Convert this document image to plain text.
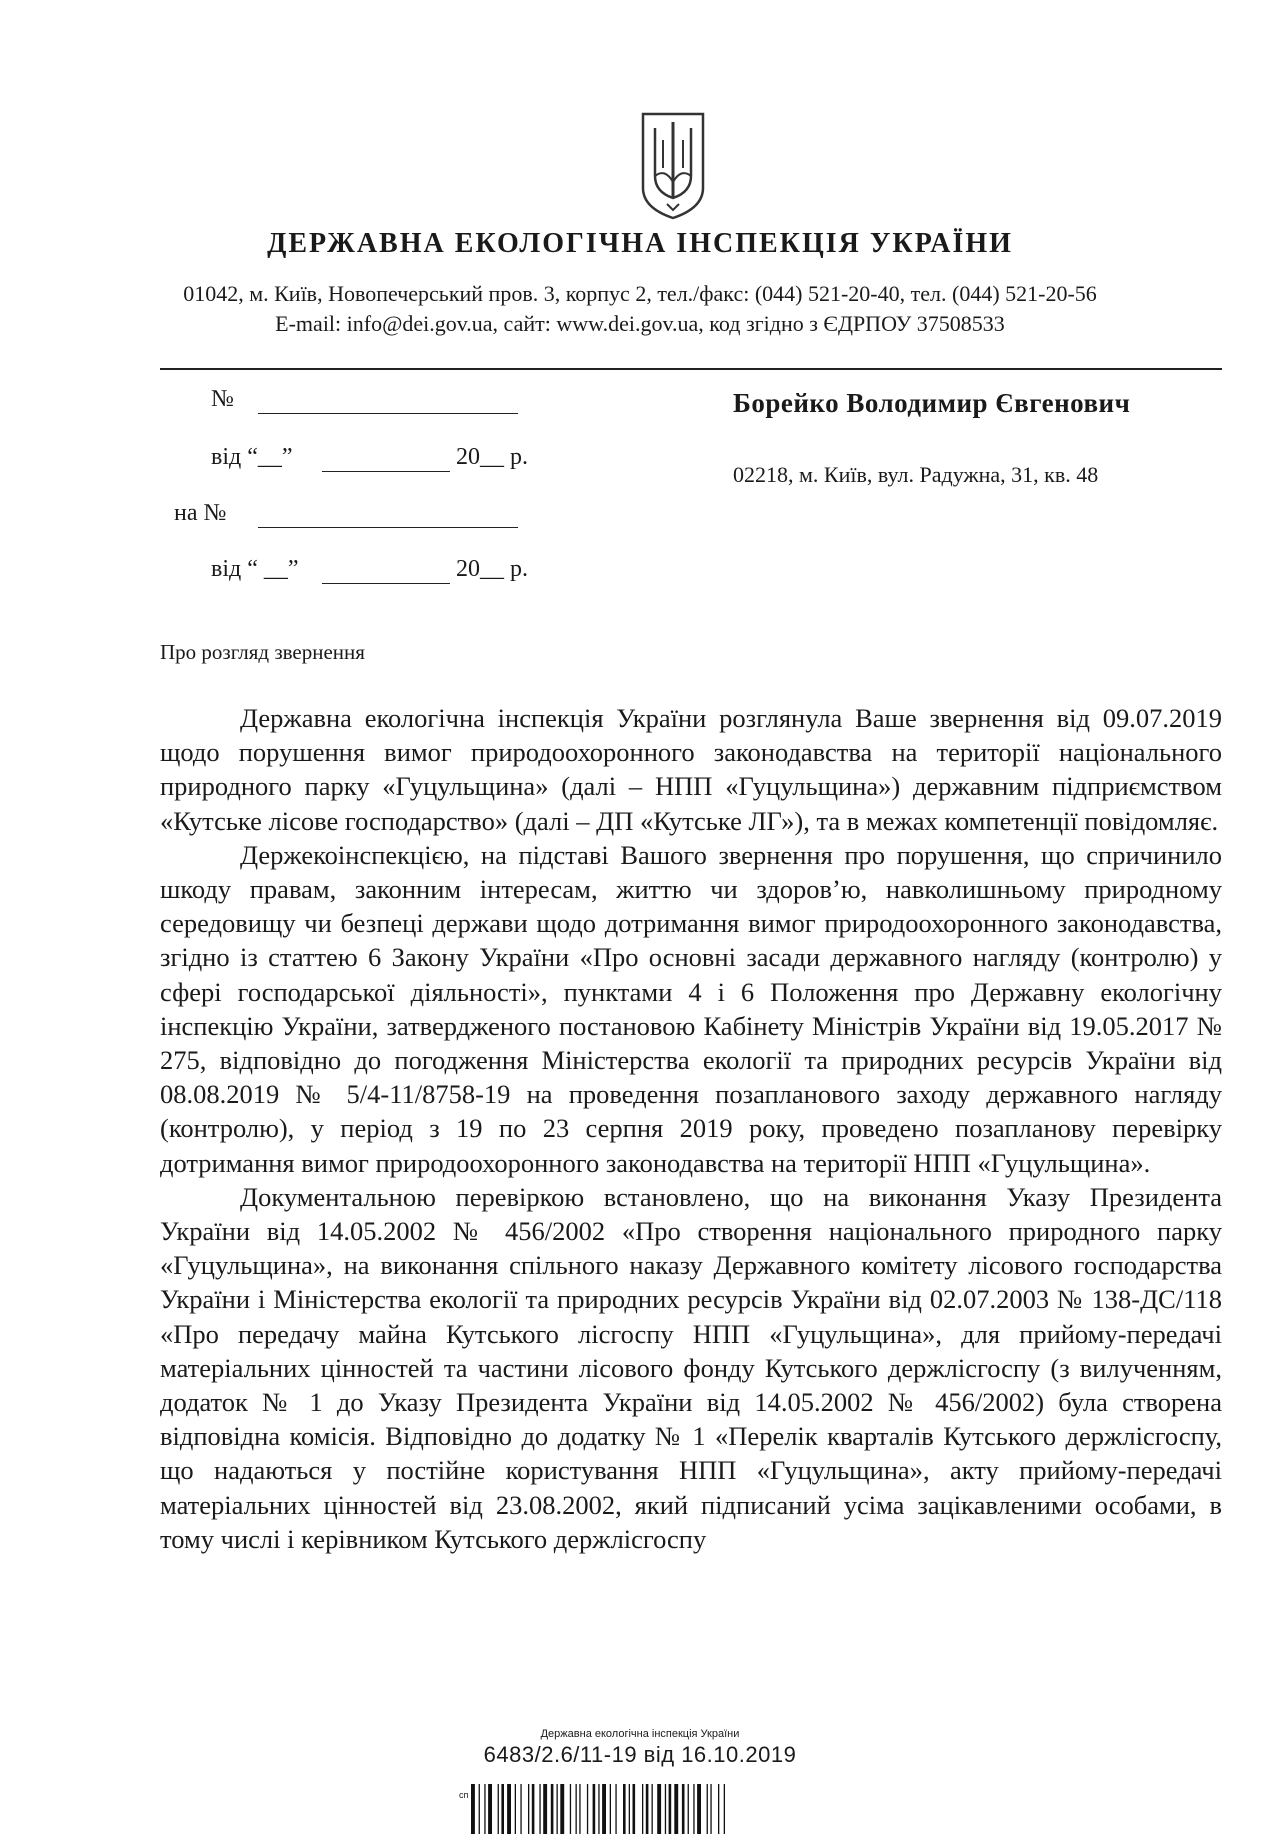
ДЕРЖАВНА ЕКОЛОГІЧНА ІНСПЕКЦІЯ УКРАЇНИ
01042, м. Київ, Новопечерський пров. 3, корпус 2, тел./факс: (044) 521-20-40, тел. (044) 521-20-56
E-mail: info@dei.gov.ua, сайт: www.dei.gov.ua, код згідно з ЄДРПОУ 37508533
№
від “__”	20__ р.
на №
від “ __”	20__ р.
Борейко Володимир Євгенович
02218, м. Київ, вул. Радужна, 31, кв. 48
Про розгляд звернення

Державна екологічна інспекція України розглянула Ваше звернення від 09.07.2019 щодо порушення вимог природоохоронного законодавства на території національного природного парку «Гуцульщина» (далі – НПП «Гуцульщина») державним підприємством «Кутське лісове господарство» (далі – ДП «Кутське ЛГ»), та в межах компетенції повідомляє.

Держекоінспекцією, на підставі Вашого звернення про порушення, що спричинило шкоду правам, законним інтересам, життю чи здоров’ю, навколишньому природному середовищу чи безпеці держави щодо дотримання вимог природоохоронного законодавства, згідно із статтею 6 Закону України «Про основні засади державного нагляду (контролю) у сфері господарської діяльності», пунктами 4 і 6 Положення про Державну екологічну інспекцію України, затвердженого постановою Кабінету Міністрів України від 19.05.2017 № 275, відповідно до погодження Міністерства екології та природних ресурсів України від 08.08.2019 № 5/4-11/8758-19 на проведення позапланового заходу державного нагляду (контролю), у період з 19 по 23 серпня 2019 року, проведено позапланову перевірку дотримання вимог природоохоронного законодавства на території НПП «Гуцульщина».

Документальною перевіркою встановлено, що на виконання Указу Президента України від 14.05.2002 № 456/2002 «Про створення національного природного парку «Гуцульщина», на виконання спільного наказу Державного комітету лісового господарства України і Міністерства екології та природних ресурсів України від 02.07.2003 № 138-ДС/118 «Про передачу майна Кутського лісгоспу НПП «Гуцульщина», для прийому-передачі матеріальних цінностей та частини лісового фонду Кутського держлісгоспу (з вилученням, додаток № 1 до Указу Президента України від 14.05.2002 № 456/2002) була створена відповідна комісія. Відповідно до додатку № 1 «Перелік кварталів Кутського держлісгоспу, що надаються у постійне користування НПП «Гуцульщина», акту прийому-передачі матеріальних цінностей від 23.08.2002, який підписаний усіма зацікавленими особами, в тому числі і керівником Кутського держлісгоспу

Державна екологічна інспекція України
6483/2.6/11-19 від 16.10.2019
сп
